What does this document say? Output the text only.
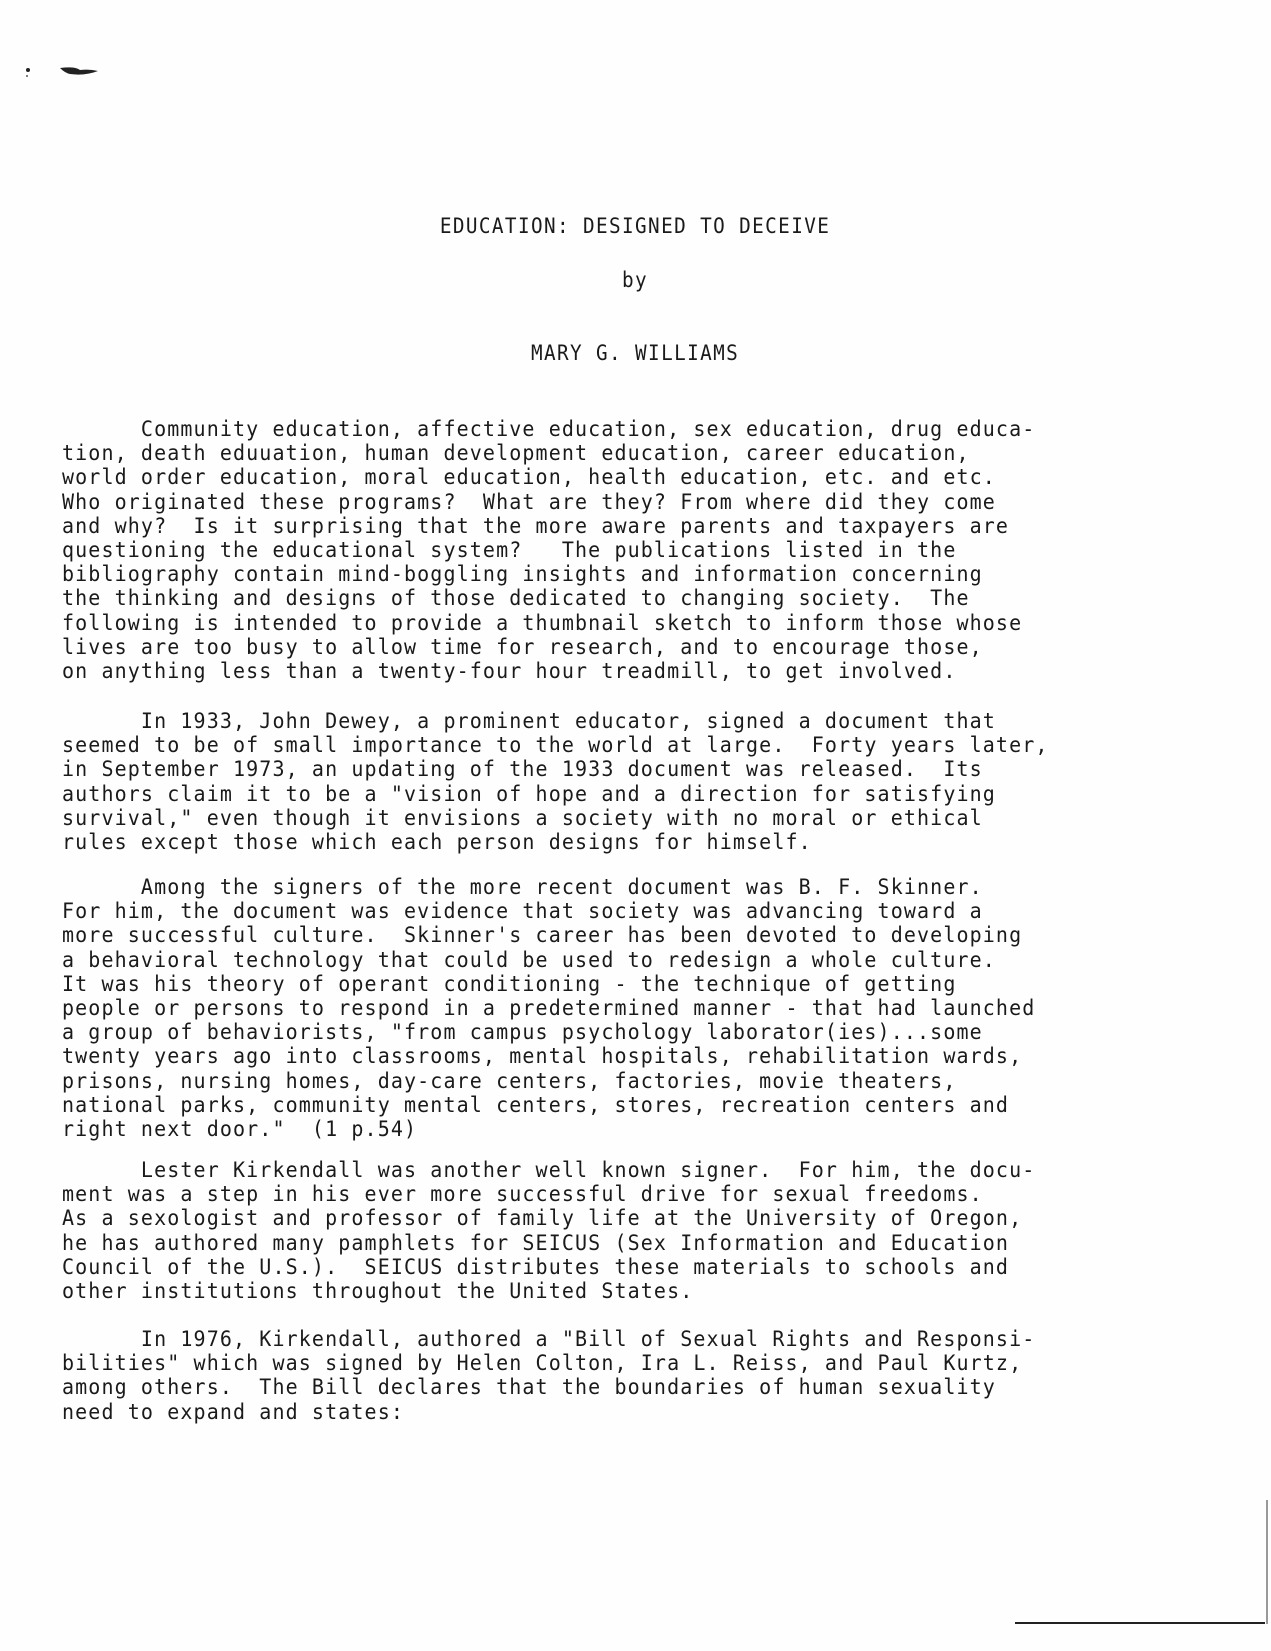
EDUCATION: DESIGNED TO DECEIVE
by
MARY G. WILLIAMS
Community education, affective education, sex education, drug educa-
tion, death eduuation, human development education, career education,
world order education, moral education, health education, etc. and etc.
Who originated these programs?  What are they? From where did they come
and why?  Is it surprising that the more aware parents and taxpayers are
questioning the educational system?   The publications listed in the
bibliography contain mind-boggling insights and information concerning
the thinking and designs of those dedicated to changing society.  The
following is intended to provide a thumbnail sketch to inform those whose
lives are too busy to allow time for research, and to encourage those,
on anything less than a twenty-four hour treadmill, to get involved.
In 1933, John Dewey, a prominent educator, signed a document that
seemed to be of small importance to the world at large.  Forty years later,
in September 1973, an updating of the 1933 document was released.  Its
authors claim it to be a "vision of hope and a direction for satisfying
survival," even though it envisions a society with no moral or ethical
rules except those which each person designs for himself.
Among the signers of the more recent document was B. F. Skinner.
For him, the document was evidence that society was advancing toward a
more successful culture.  Skinner's career has been devoted to developing
a behavioral technology that could be used to redesign a whole culture.
It was his theory of operant conditioning - the technique of getting
people or persons to respond in a predetermined manner - that had launched
a group of behaviorists, "from campus psychology laborator(ies)...some
twenty years ago into classrooms, mental hospitals, rehabilitation wards,
prisons, nursing homes, day-care centers, factories, movie theaters,
national parks, community mental centers, stores, recreation centers and
right next door."  (1 p.54)
Lester Kirkendall was another well known signer.  For him, the docu-
ment was a step in his ever more successful drive for sexual freedoms.
As a sexologist and professor of family life at the University of Oregon,
he has authored many pamphlets for SEICUS (Sex Information and Education
Council of the U.S.).  SEICUS distributes these materials to schools and
other institutions throughout the United States.
In 1976, Kirkendall, authored a "Bill of Sexual Rights and Responsi-
bilities" which was signed by Helen Colton, Ira L. Reiss, and Paul Kurtz,
among others.  The Bill declares that the boundaries of human sexuality
need to expand and states:
